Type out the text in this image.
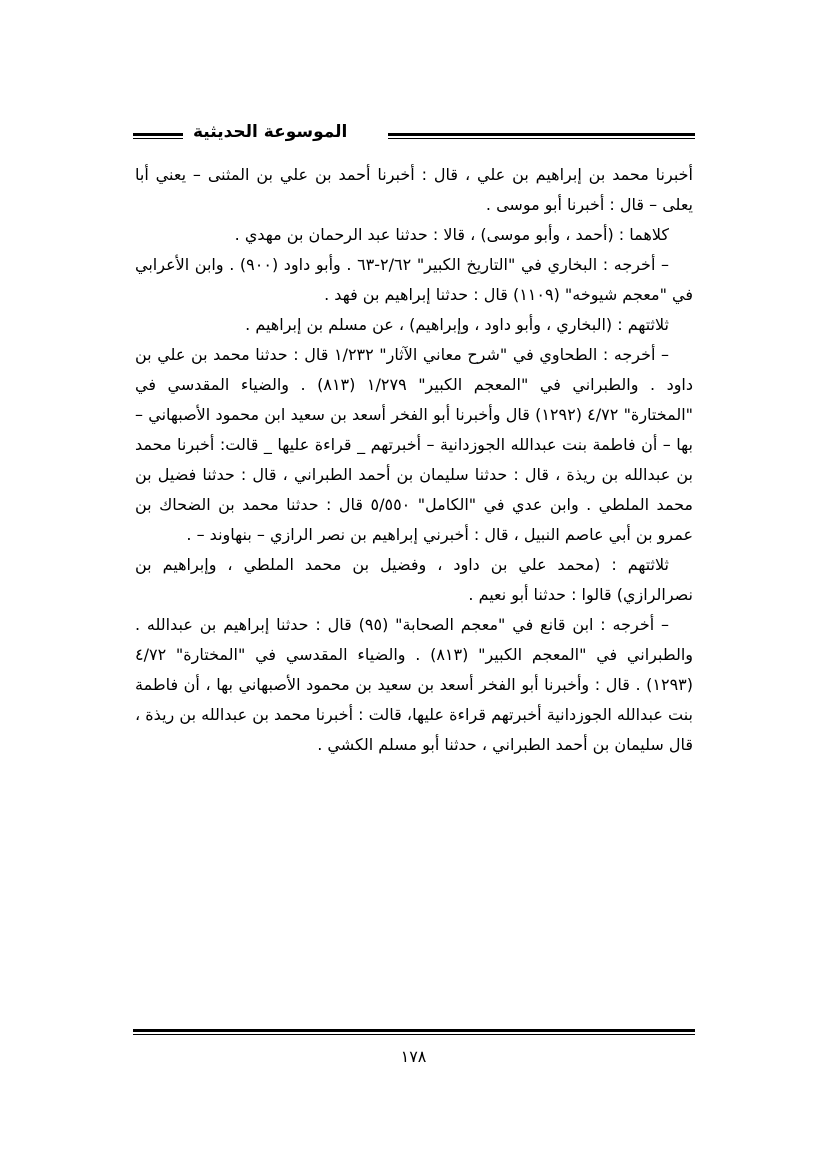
الموسوعة الحديثية

أخبرنا محمد بن إبراهيم بن علي ، قال : أخبرنا أحمد بن علي بن المثنى – يعني أبا يعلى – قال : أخبرنا أبو موسى .

كلاهما : (أحمد ، وأبو موسى) ، قالا : حدثنا عبد الرحمان بن مهدي .

– أخرجه : البخاري في "التاريخ الكبير" ٢/٦٢-٦٣ . وأبو داود (٩٠٠) . وابن الأعرابي في "معجم شيوخه" (١١٠٩) قال : حدثنا إبراهيم بن فهد .

ثلاثتهم : (البخاري ، وأبو داود ، وإبراهيم) ، عن مسلم بن إبراهيم .

– أخرجه : الطحاوي في "شرح معاني الآثار" ١/٢٣٢ قال : حدثنا محمد بن علي بن داود . والطبراني في "المعجم الكبير" ١/٢٧٩ (٨١٣) . والضياء المقدسي في "المختارة" ٤/٧٢ (١٢٩٢) قال وأخبرنا أبو الفخر أسعد بن سعيد ابن محمود الأصبهاني – بها – أن فاطمة بنت عبدالله الجوزدانية – أخبرتهم _ قراءة عليها _ قالت: أخبرنا محمد بن عبدالله بن ريذة ، قال : حدثنا سليمان بن أحمد الطبراني ، قال : حدثنا فضيل بن محمد الملطي . وابن عدي في "الكامل" ٥/٥٥٠ قال : حدثنا محمد بن الضحاك بن عمرو بن أبي عاصم النبيل ، قال : أخبرني إبراهيم بن نصر الرازي – بنهاوند – .

ثلاثتهم : (محمد علي بن داود ، وفضيل بن محمد الملطي ، وإبراهيم بن نصرالرازي) قالوا : حدثنا أبو نعيم .

– أخرجه : ابن قانع في "معجم الصحابة" (٩٥) قال : حدثنا إبراهيم بن عبدالله . والطبراني في "المعجم الكبير" (٨١٣) . والضياء المقدسي في "المختارة" ٤/٧٢ (١٢٩٣) . قال : وأخبرنا أبو الفخر أسعد بن سعيد بن محمود الأصبهاني بها ، أن فاطمة بنت عبدالله الجوزدانية أخبرتهم قراءة عليها، قالت : أخبرنا محمد بن عبدالله بن ريذة ، قال سليمان بن أحمد الطبراني ، حدثنا أبو مسلم الكشي .

١٧٨
